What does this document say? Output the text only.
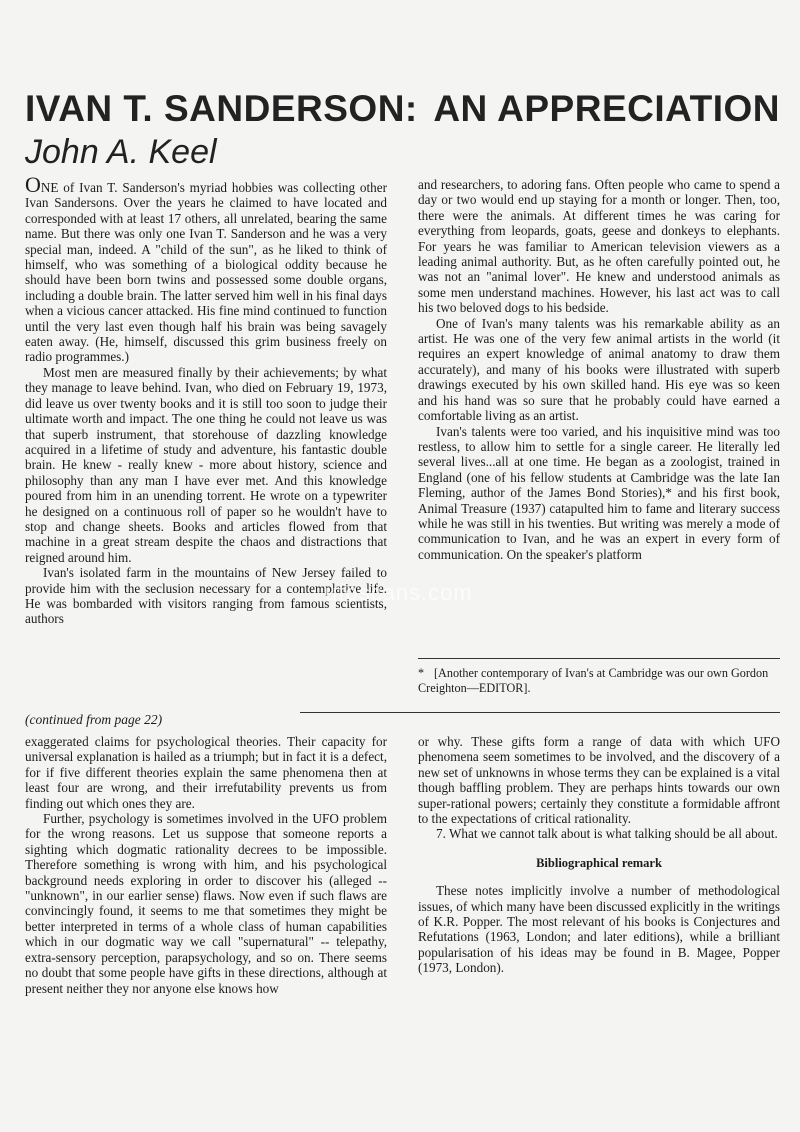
IVAN T. SANDERSON: AN APPRECIATION
John A. Keel

ONE of Ivan T. Sanderson's myriad hobbies was collecting other Ivan Sandersons. Over the years he claimed to have located and corresponded with at least 17 others, all unrelated, bearing the same name. But there was only one Ivan T. Sanderson and he was a very special man, indeed. A "child of the sun", as he liked to think of himself, who was something of a biological oddity because he should have been born twins and possessed some double organs, including a double brain. The latter served him well in his final days when a vicious cancer attacked. His fine mind continued to function until the very last even though half his brain was being savagely eaten away. (He, himself, discussed this grim business freely on radio programmes.)

Most men are measured finally by their achievements; by what they manage to leave behind. Ivan, who died on February 19, 1973, did leave us over twenty books and it is still too soon to judge their ultimate worth and impact. The one thing he could not leave us was that superb instrument, that storehouse of dazzling knowledge acquired in a lifetime of study and adventure, his fantastic double brain. He knew - really knew - more about history, science and philosophy than any man I have ever met. And this knowledge poured from him in an unending torrent. He wrote on a typewriter he designed on a continuous roll of paper so he wouldn't have to stop and change sheets. Books and articles flowed from that machine in a great stream despite the chaos and distractions that reigned around him.

Ivan's isolated farm in the mountains of New Jersey failed to provide him with the seclusion necessary for a contemplative life. He was bombarded with visitors ranging from famous scientists, authors

and researchers, to adoring fans. Often people who came to spend a day or two would end up staying for a month or longer. Then, too, there were the animals. At different times he was caring for everything from leopards, goats, geese and donkeys to elephants. For years he was familiar to American television viewers as a leading animal authority. But, as he often carefully pointed out, he was not an "animal lover". He knew and understood animals as some men understand machines. However, his last act was to call his two beloved dogs to his bedside.

One of Ivan's many talents was his remarkable ability as an artist. He was one of the very few animal artists in the world (it requires an expert knowledge of animal anatomy to draw them accurately), and many of his books were illustrated with superb drawings executed by his own skilled hand. His eye was so keen and his hand was so sure that he probably could have earned a comfortable living as an artist.

Ivan's talents were too varied, and his inquisitive mind was too restless, to allow him to settle for a single career. He literally led several lives...all at one time. He began as a zoologist, trained in England (one of his fellow students at Cambridge was the late Ian Fleming, author of the James Bond Stories),* and his first book, Animal Treasure (1937) catapulted him to fame and literary success while he was still in his twenties. But writing was merely a mode of communication to Ivan, and he was an expert in every form of communication. On the speaker's platform

* [Another contemporary of Ivan's at Cambridge was our own Gordon Creighton—EDITOR].
ufoscans.com
(continued from page 22)

exaggerated claims for psychological theories. Their capacity for universal explanation is hailed as a triumph; but in fact it is a defect, for if five different theories explain the same phenomena then at least four are wrong, and their irrefutability prevents us from finding out which ones they are.

Further, psychology is sometimes involved in the UFO problem for the wrong reasons. Let us suppose that someone reports a sighting which dogmatic rationality decrees to be impossible. Therefore something is wrong with him, and his psychological background needs exploring in order to discover his (alleged -- "unknown", in our earlier sense) flaws. Now even if such flaws are convincingly found, it seems to me that sometimes they might be better interpreted in terms of a whole class of human capabilities which in our dogmatic way we call "supernatural" -- telepathy, extra-sensory perception, parapsychology, and so on. There seems no doubt that some people have gifts in these directions, although at present neither they nor anyone else knows how

or why. These gifts form a range of data with which UFO phenomena seem sometimes to be involved, and the discovery of a new set of unknowns in whose terms they can be explained is a vital though baffling problem. They are perhaps hints towards our own super-rational powers; certainly they constitute a formidable affront to the expectations of critical rationality.

7. What we cannot talk about is what talking should be all about.

Bibliographical remark

These notes implicitly involve a number of methodological issues, of which many have been discussed explicitly in the writings of K.R. Popper. The most relevant of his books is Conjectures and Refutations (1963, London; and later editions), while a brilliant popularisation of his ideas may be found in B. Magee, Popper (1973, London).
